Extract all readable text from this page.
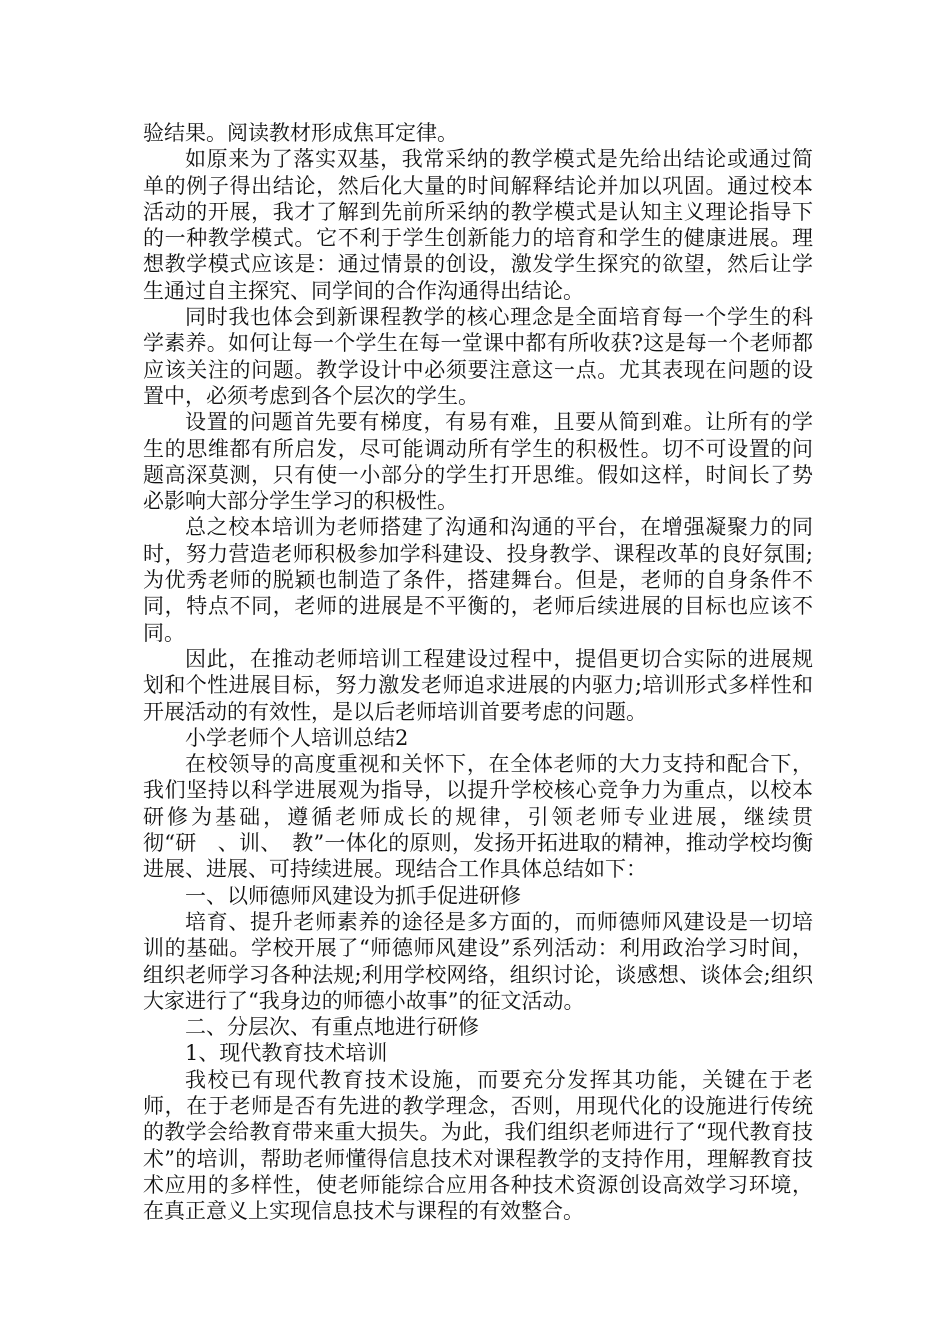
验结果。阅读教材形成焦耳定律。

如原来为了落实双基，我常采纳的教学模式是先给出结论或通过简单的例子得出结论，然后化大量的时间解释结论并加以巩固。通过校本活动的开展，我才了解到先前所采纳的教学模式是认知主义理论指导下的一种教学模式。它不利于学生创新能力的培育和学生的健康进展。理想教学模式应该是：通过情景的创设，激发学生探究的欲望，然后让学生通过自主探究、同学间的合作沟通得出结论。

同时我也体会到新课程教学的核心理念是全面培育每一个学生的科学素养。如何让每一个学生在每一堂课中都有所收获?这是每一个老师都应该关注的问题。教学设计中必须要注意这一点。尤其表现在问题的设置中，必须考虑到各个层次的学生。

设置的问题首先要有梯度，有易有难，且要从简到难。让所有的学生的思维都有所启发，尽可能调动所有学生的积极性。切不可设置的问题高深莫测，只有使一小部分的学生打开思维。假如这样，时间长了势必影响大部分学生学习的积极性。

总之校本培训为老师搭建了沟通和沟通的平台，在增强凝聚力的同时，努力营造老师积极参加学科建设、投身教学、课程改革的良好氛围;为优秀老师的脱颖也制造了条件，搭建舞台。但是，老师的自身条件不同，特点不同，老师的进展是不平衡的，老师后续进展的目标也应该不同。

因此，在推动老师培训工程建设过程中，提倡更切合实际的进展规划和个性进展目标，努力激发老师追求进展的内驱力;培训形式多样性和开展活动的有效性，是以后老师培训首要考虑的问题。

小学老师个人培训总结2

在校领导的高度重视和关怀下，在全体老师的大力支持和配合下，我们坚持以科学进展观为指导，以提升学校核心竞争力为重点，以校本研修为基础，遵循老师成长的规律，引领老师专业进展，继续贯彻“研　、训、　教”一体化的原则，发扬开拓进取的精神，推动学校均衡进展、进展、可持续进展。现结合工作具体总结如下：

一、以师德师风建设为抓手促进研修

培育、提升老师素养的途径是多方面的，而师德师风建设是一切培训的基础。学校开展了“师德师风建设”系列活动：利用政治学习时间，组织老师学习各种法规;利用学校网络，组织讨论，谈感想、谈体会;组织大家进行了“我身边的师德小故事”的征文活动。

二、分层次、有重点地进行研修

1、现代教育技术培训

我校已有现代教育技术设施，而要充分发挥其功能，关键在于老师，在于老师是否有先进的教学理念，否则，用现代化的设施进行传统的教学会给教育带来重大损失。为此，我们组织老师进行了“现代教育技术”的培训，帮助老师懂得信息技术对课程教学的支持作用，理解教育技术应用的多样性，使老师能综合应用各种技术资源创设高效学习环境，在真正意义上实现信息技术与课程的有效整合。
